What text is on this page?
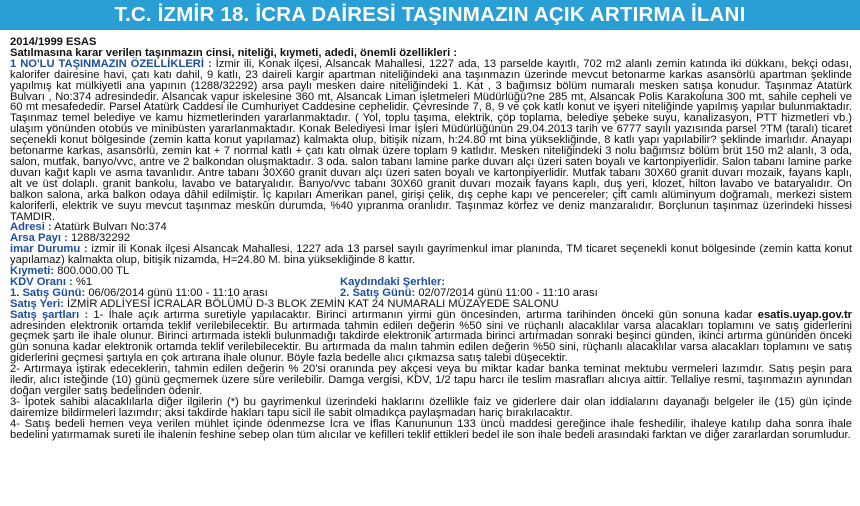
T.C. İZMİR 18. İCRA DAİRESİ TAŞINMAZIN AÇIK ARTIRMA İLANI

2014/1999 ESAS

Satılmasına karar verilen taşınmazın cinsi, niteliği, kıymeti, adedi, önemli özellikleri :

1 NO'LU TAŞINMAZIN ÖZELLİKLERİ : İzmir ili, Konak ilçesi, Alsancak Mahallesi, 1227 ada, 13 parselde kayıtlı, 702 m2 alanlı zemin katında iki dükkanı, bekçi odası, kalorifer dairesine havi, çatı katı dahil, 9 katlı, 23 daireli kargir apartman niteliğindeki ana taşınmazın üzerinde mevcut betonarme karkas asansörlü apartman şeklinde yapılmış kat mülkiyetli ana yapının (1288/32292) arsa paylı mesken daire niteliğindeki 1. Kat , 3 bağımsız bölüm numaralı mesken satışa konudur. Taşınmaz Atatürk Bulvarı , No:374 adresindedir. Alsancak vapur iskelesine 360 mt, Alsancak Liman işletmeleri Müdürlüğü?ne 285 mt, Alsancak Polis Karakoluna 300 mt, sahile cepheli ve 60 mt mesafededir. Parsel Atatürk Caddesi ile Cumhuriyet Caddesine cephelidir. Çevresinde 7, 8, 9 ve çok katlı konut ve işyeri niteliğinde yapılmış yapılar bulunmaktadır. Taşınmaz temel belediye ve kamu hizmetlerinden yararlanmaktadır. ( Yol, toplu taşıma, elektrik, çöp toplama, belediye şebeke suyu, kanalizasyon, PTT hizmetleri vb.) ulaşım yönünden otobüs ve minibüsten yararlanmaktadır. Konak Belediyesi İmar İşleri Müdürlüğünün 29.04.2013 tarih ve 6777 sayılı yazısında parsel ?TM (taralı) ticaret seçenekli konut bölgesinde (zemin katta konut yapılamaz) kalmakta olup, bitişik nizam, h:24.80 mt bina yüksekliğinde, 8 katlı yapı yapılabilir? şeklinde imarlıdır. Anayapı betonarme karkas, asansörlü, zemin kat + 7 normal katlı + çatı katı olmak üzere toplam 9 katlıdır. Mesken niteliğindeki 3 nolu bağımsız bölüm brüt 150 m2 alanlı, 3 oda, salon, mutfak, banyo/vvc, antre ve 2 balkondan oluşmaktadır. 3 oda. salon tabanı lamine parke duvarı alçı üzeri saten boyalı ve kartonpiyerlidir. Salon tabanı lamine parke duvarı kağıt kaplı ve asma tavanlıdır. Antre tabanı 30X60 granit duvarı alçı üzeri saten boyalı ve kartonpiyerlidir. Mutfak tabanı 30X60 granit duvarı mozaik, fayans kaplı, alt ve üst dolaplı. granit bankolu, lavabo ve bataryalıdır. Banyo/vvc tabanı 30X60 granit duvarı mozaik fayans kaplı, duş yeri, klozet, hilton lavabo ve bataryalıdır. On balkon salona, arka balkon odaya dâhil edilmiştir. İç kapıları Amerikan panel, girişi çelik, dış cephe kapı ve pencereler; çift camlı alüminyum doğramalı, merkezi sistem kaloriferli, elektrik ve suyu mevcut taşınmaz meskûn durumda, %40 yıpranma oranlıdır. Taşınmaz körfez ve deniz manzaralıdır. Borçlunun taşınmaz üzerindeki hissesi TAMDIR.

Adresi : Atatürk Bulvarı No:374

Arsa Payı : 1288/32292

imar Durumu : izmir ili Konak ilçesi Alsancak Mahallesi, 1227 ada 13 parsel sayılı gayrimenkul imar planında, TM ticaret seçenekli konut bölgesinde (zemin katta konut yapılamaz) kalmakta olup, bitişik nizamda, H=24.80 M. bina yüksekliğinde 8 kattır.

Kıymeti: 800.000.00 TL

KDV Oranı : %1	Kaydındaki Şerhler:
1. Satış Günü: 06/06/2014 günü 11:00 - 11:10 arası	2. Satış Günü: 02/07/2014 günü 11:00 - 11:10 arası

Satış Yeri: İZMİR ADLİYESİ İCRALAR BÖLÜMÜ D-3 BLOK ZEMİN KAT 24 NUMARALI MÜZAYEDE SALONU

Satış şartları : 1- İhale açık artırma suretiyle yapılacaktır. Birinci artırmanın yirmi gün öncesinden, artırma tarihinden önceki gün sonuna kadar esatis.uyap.gov.tr adresinden elektronik ortamda teklif verilebilecektir. Bu artırmada tahmin edilen değerin %50 sini ve rüçhanlı alacaklılar varsa alacakları toplamını ve satış giderlerini geçmek şartı ile ihale olunur. Birinci artırmada istekli bulunmadığı takdirde elektronik artırmada birinci artırmadan sonraki beşinci günden, ikinci artırma gününden önceki gün sonuna kadar elektronik ortamda teklif verilebilecektir. Bu artırmada da malın tahmin edilen değerin %50 sini, rüçhanlı alacaklılar varsa alacakları toplamını ve satış giderlerini geçmesi şartıyla en çok artırana ihale olunur. Böyle fazla bedelle alıcı çıkmazsa satış talebi düşecektir.

2- Artırmaya iştirak edeceklerin, tahmin edilen değerin % 20'si oranında pey akçesi veya bu miktar kadar banka teminat mektubu vermeleri lazımdır. Satış peşin para iledir, alıcı isteğinde (10) günü geçmemek üzere süre verilebilir. Damga vergisi, KDV, 1/2 tapu harcı ile teslim masrafları alıcıya aittir. Tellaliye resmi, taşınmazın aynından doğan vergiler satış bedelinden ödenir.

3- İpotek sahibi alacaklılarla diğer ilgilerin (*) bu gayrimenkul üzerindeki haklarını özellikle faiz ve giderlere dair olan iddialarını dayanağı belgeler ile (15) gün içinde dairemize bildirmeleri lazımdır; aksi takdirde hakları tapu sicil ile sabit olmadıkça paylaşmadan hariç bırakılacaktır.

4- Satış bedeli hemen veya verilen mühlet içinde ödenmezse İcra ve İflas Kanununun 133 üncü maddesi gereğince ihale feshedilir, ihaleye katılıp daha sonra ihale bedelini yatırmamak sureti ile ihalenin feshine sebep olan tüm alıcılar ve kefilleri teklif ettikleri bedel ile son ihale bedeli arasındaki farktan ve diğer zararlardan sorumludur.
